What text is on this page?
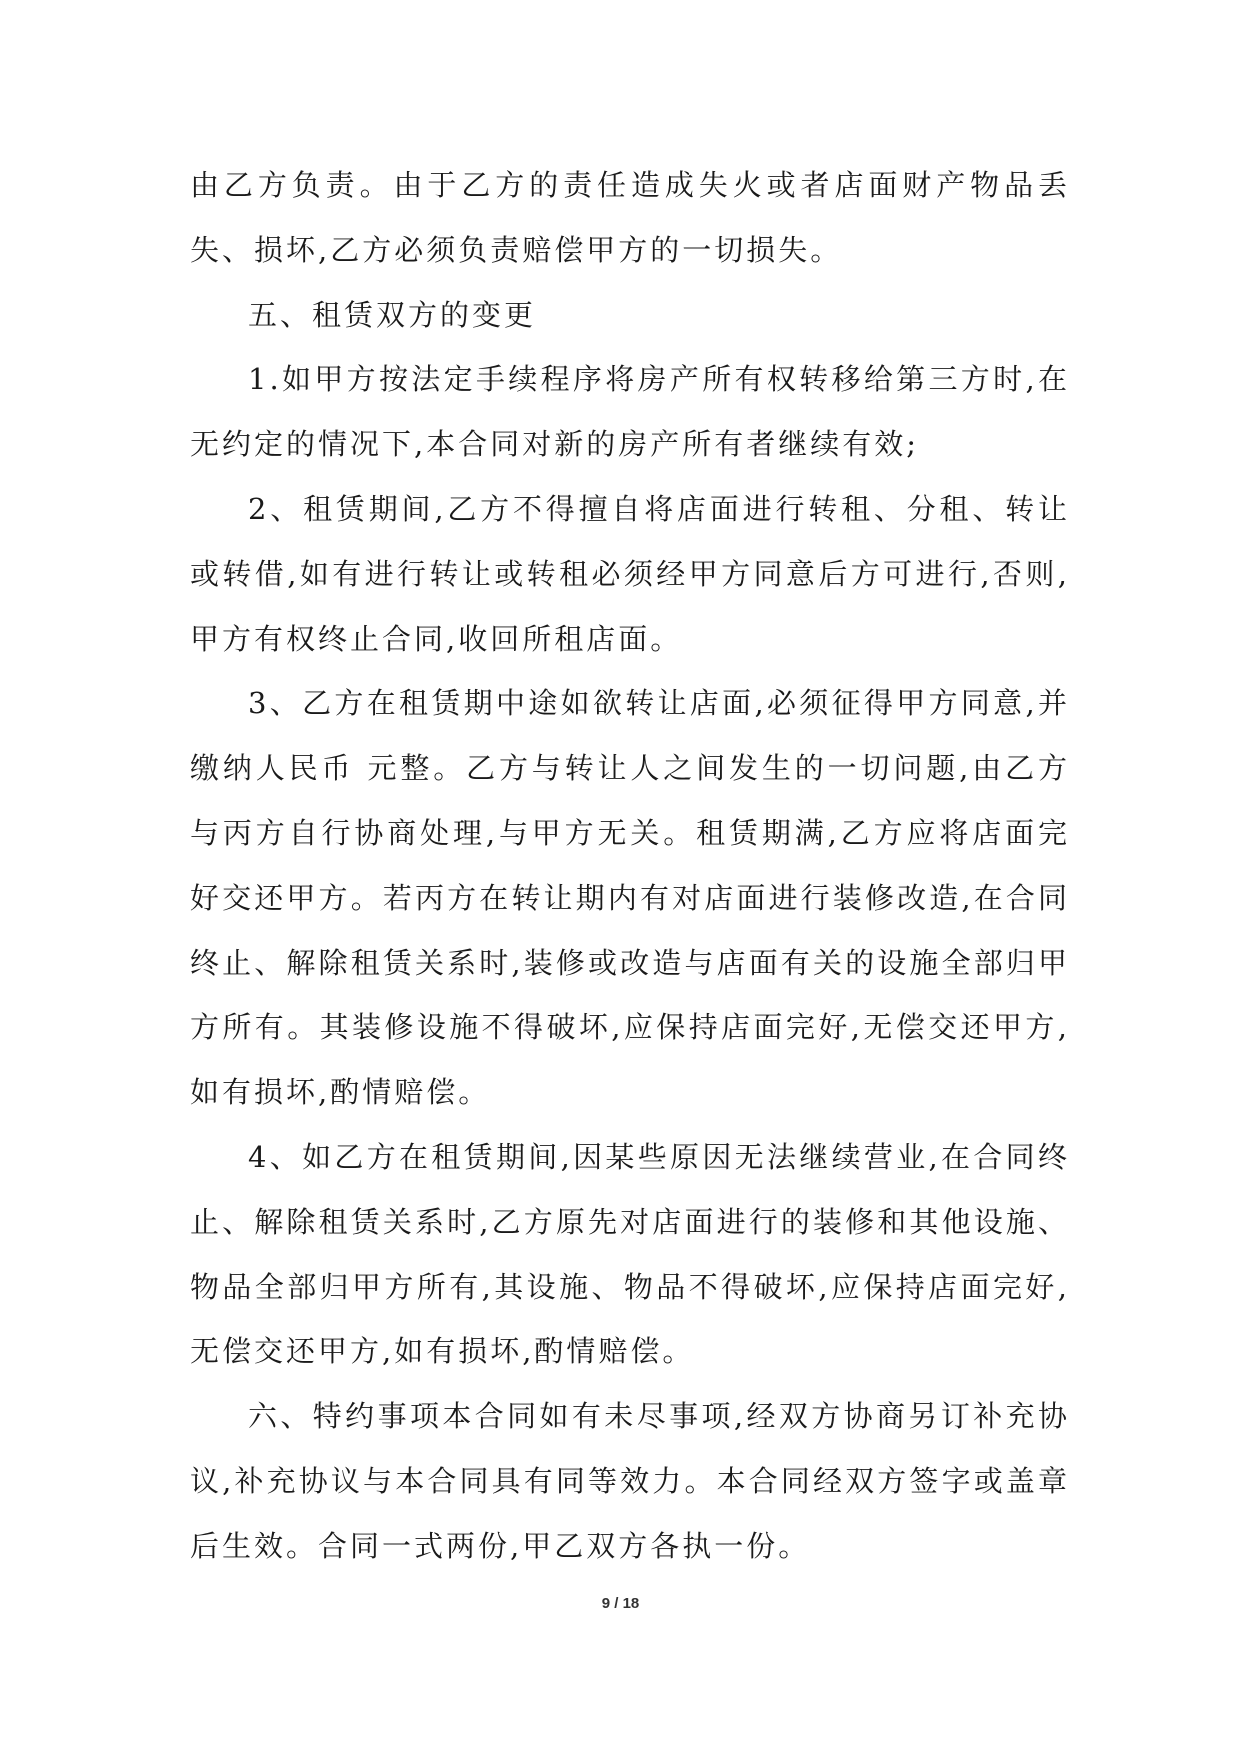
由乙方负责。由于乙方的责任造成失火或者店面财产物品丢失、损坏,乙方必须负责赔偿甲方的一切损失。

五、租赁双方的变更

1.如甲方按法定手续程序将房产所有权转移给第三方时,在无约定的情况下,本合同对新的房产所有者继续有效;

2、租赁期间,乙方不得擅自将店面进行转租、分租、转让或转借,如有进行转让或转租必须经甲方同意后方可进行,否则,甲方有权终止合同,收回所租店面。

3、乙方在租赁期中途如欲转让店面,必须征得甲方同意,并缴纳人民币 元整。乙方与转让人之间发生的一切问题,由乙方与丙方自行协商处理,与甲方无关。租赁期满,乙方应将店面完好交还甲方。若丙方在转让期内有对店面进行装修改造,在合同终止、解除租赁关系时,装修或改造与店面有关的设施全部归甲方所有。其装修设施不得破坏,应保持店面完好,无偿交还甲方,如有损坏,酌情赔偿。

4、如乙方在租赁期间,因某些原因无法继续营业,在合同终止、解除租赁关系时,乙方原先对店面进行的装修和其他设施、物品全部归甲方所有,其设施、物品不得破坏,应保持店面完好,无偿交还甲方,如有损坏,酌情赔偿。

六、特约事项本合同如有未尽事项,经双方协商另订补充协议,补充协议与本合同具有同等效力。本合同经双方签字或盖章后生效。合同一式两份,甲乙双方各执一份。

9 / 18
